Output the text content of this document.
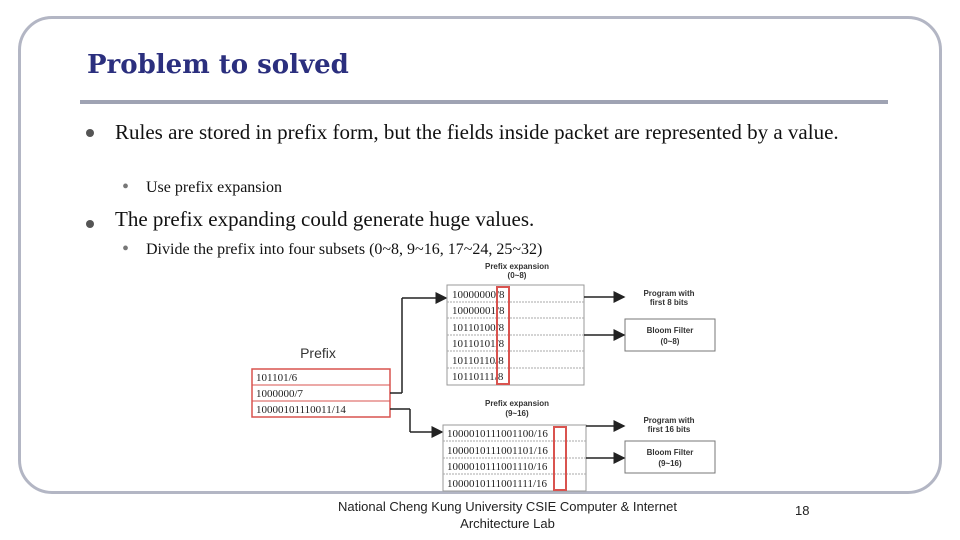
Problem to solved
Rules are stored in prefix form, but the fields inside packet are represented by a value.
• Use prefix expansion
The prefix expanding could generate huge values.
• Divide the prefix into four subsets (0~8, 9~16, 17~24, 25~32)
Prefix
101101/6
1000000/7
10000101110011/14
Prefix expansion
(0~8)
10000000/8
10000001/8
10110100/8
10110101/8
10110110/8
10110111/8
Program with
first 8 bits
Bloom Filter
(0~8)
Prefix expansion
(9~16)
1000010111001100/16
1000010111001101/16
1000010111001110/16
1000010111001111/16
Program with
first 16 bits
Bloom Filter
(9~16)
National Cheng Kung University CSIE Computer & Internet Architecture Lab
18
